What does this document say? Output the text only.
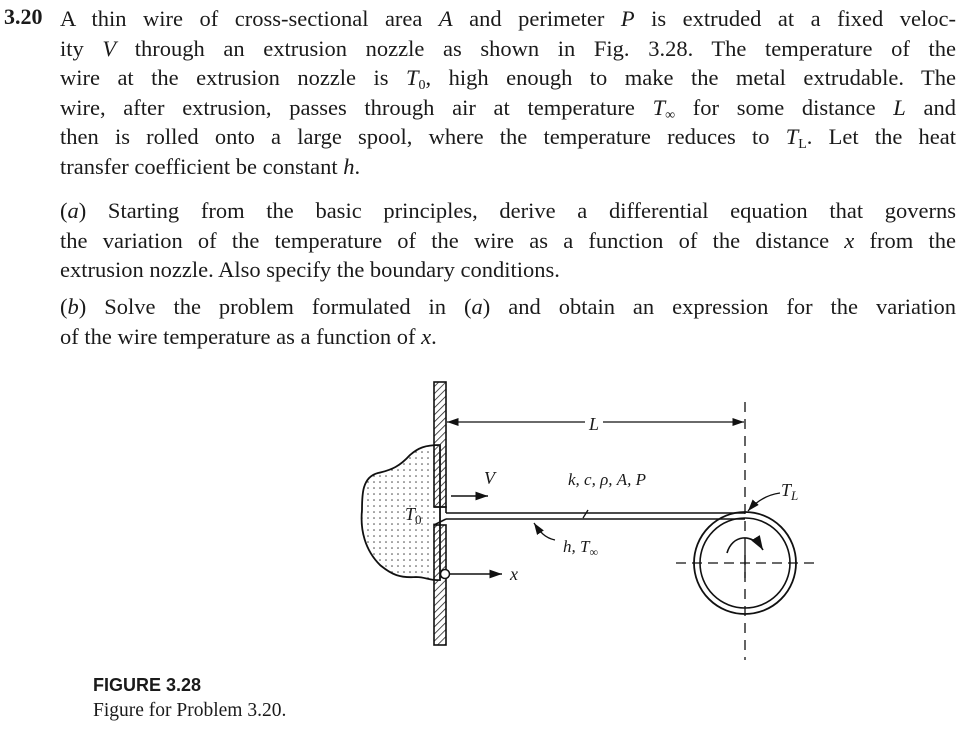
3.20 A thin wire of cross-sectional area A and perimeter P is extruded at a fixed veloc-
ity V through an extrusion nozzle as shown in Fig. 3.28. The temperature of the
wire at the extrusion nozzle is $T_0$, high enough to make the metal extrudable. The
wire, after extrusion, passes through air at temperature $T_\infty$ for some distance L and
then is rolled onto a large spool, where the temperature reduces to $T_L$. Let the heat
transfer coefficient be constant h.
(a) Starting from the basic principles, derive a differential equation that governs
the variation of the temperature of the wire as a function of the distance x from the
extrusion nozzle. Also specify the boundary conditions.
(b) Solve the problem formulated in (a) and obtain an expression for the variation
of the wire temperature as a function of x.
L
V
$T_0$
k, c, ρ, A, P
h, $T_\infty$
x
$T_L$
FIGURE 3.28
Figure for Problem 3.20.
